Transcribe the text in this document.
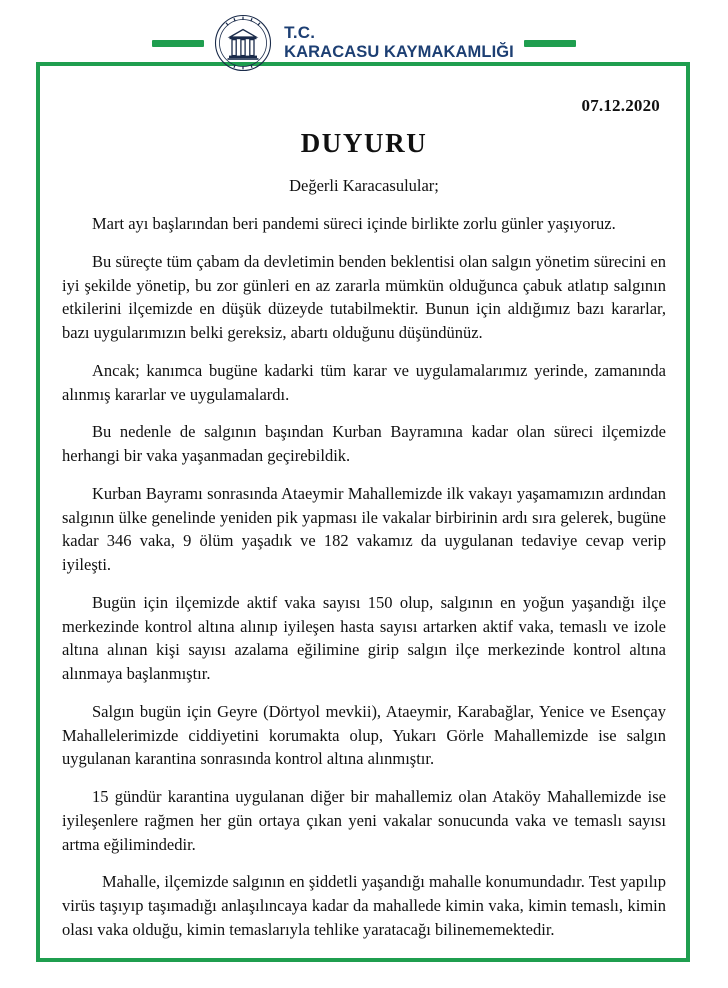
T.C.
KARACASU KAYMAKAMLIĞI
07.12.2020
DUYURU
Değerli Karacasulular;

Mart ayı başlarından beri pandemi süreci içinde birlikte zorlu günler yaşıyoruz.

Bu süreçte tüm çabam da devletimin benden beklentisi olan salgın yönetim sürecini en iyi şekilde yönetip, bu zor günleri en az zararla mümkün olduğunca çabuk atlatıp salgının etkilerini ilçemizde en düşük düzeyde tutabilmektir. Bunun için aldığımız bazı kararlar, bazı uygularımızın belki gereksiz, abartı olduğunu düşündünüz.

Ancak; kanımca bugüne kadarki tüm karar ve uygulamalarımız yerinde, zamanında alınmış kararlar ve uygulamalardı.

Bu nedenle de salgının başından Kurban Bayramına kadar olan süreci ilçemizde herhangi bir vaka yaşanmadan geçirebildik.

Kurban Bayramı sonrasında Ataeymir Mahallemizde ilk vakayı yaşamamızın ardından salgının ülke genelinde yeniden pik yapması ile vakalar birbirinin ardı sıra gelerek, bugüne kadar 346 vaka, 9 ölüm yaşadık ve 182 vakamız da uygulanan tedaviye cevap verip iyileşti.

Bugün için ilçemizde aktif vaka sayısı 150 olup, salgının en yoğun yaşandığı ilçe merkezinde kontrol altına alınıp iyileşen hasta sayısı artarken aktif vaka, temaslı ve izole altına alınan kişi sayısı azalama eğilimine girip salgın ilçe merkezinde kontrol altına alınmaya başlanmıştır.

Salgın bugün için Geyre (Dörtyol mevkii), Ataeymir, Karabağlar, Yenice ve Esençay Mahallelerimizde ciddiyetini korumakta olup, Yukarı Görle Mahallemizde ise salgın uygulanan karantina sonrasında kontrol altına alınmıştır.

15 gündür karantina uygulanan diğer bir mahallemiz olan Ataköy Mahallemizde ise iyileşenlere rağmen her gün ortaya çıkan yeni vakalar sonucunda vaka ve temaslı sayısı artma eğilimindedir.

Mahalle, ilçemizde salgının en şiddetli yaşandığı mahalle konumundadır. Test yapılıp virüs taşıyıp taşımadığı anlaşılıncaya kadar da mahallede kimin vaka, kimin temaslı, kimin olası vaka olduğu, kimin temaslarıyla tehlike yaratacağı bilinememektedir.
